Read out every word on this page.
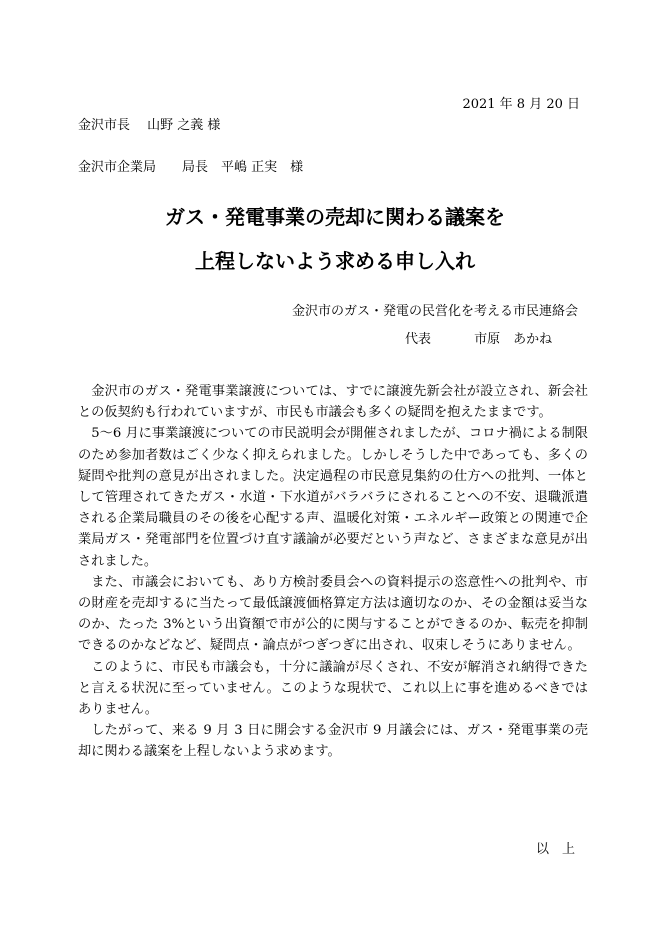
2021 年 8 月 20 日
金沢市長　 山野 之義 様
金沢市企業局　　局長　平嶋 正実　様
ガス・発電事業の売却に関わる議案を
上程しないよう求める申し入れ
金沢市のガス・発電の民営化を考える市民連絡会
代表　　　 市原　あかね

金沢市のガス・発電事業譲渡については、すでに譲渡先新会社が設立され、新会社との仮契約も行われていますが、市民も市議会も多くの疑問を抱えたままです。

5～6 月に事業譲渡についての市民説明会が開催されましたが、コロナ禍による制限のため参加者数はごく少なく抑えられました。しかしそうした中であっても、多くの疑問や批判の意見が出されました。決定過程の市民意見集約の仕方への批判、一体として管理されてきたガス・水道・下水道がバラバラにされることへの不安、退職派遣される企業局職員のその後を心配する声、温暖化対策・エネルギー政策との関連で企業局ガス・発電部門を位置づけ直す議論が必要だという声など、さまざまな意見が出されました。

また、市議会においても、あり方検討委員会への資料提示の恣意性への批判や、市の財産を売却するに当たって最低譲渡価格算定方法は適切なのか、その金額は妥当なのか、たった 3%という出資額で市が公的に関与することができるのか、転売を抑制できるのかなどなど、疑問点・論点がつぎつぎに出され、収束しそうにありません。

このように、市民も市議会も，十分に議論が尽くされ、不安が解消され納得できたと言える状況に至っていません。このような現状で、これ以上に事を進めるべきではありません。

したがって、来る 9 月 3 日に開会する金沢市 9 月議会には、ガス・発電事業の売却に関わる議案を上程しないよう求めます。

以　上
